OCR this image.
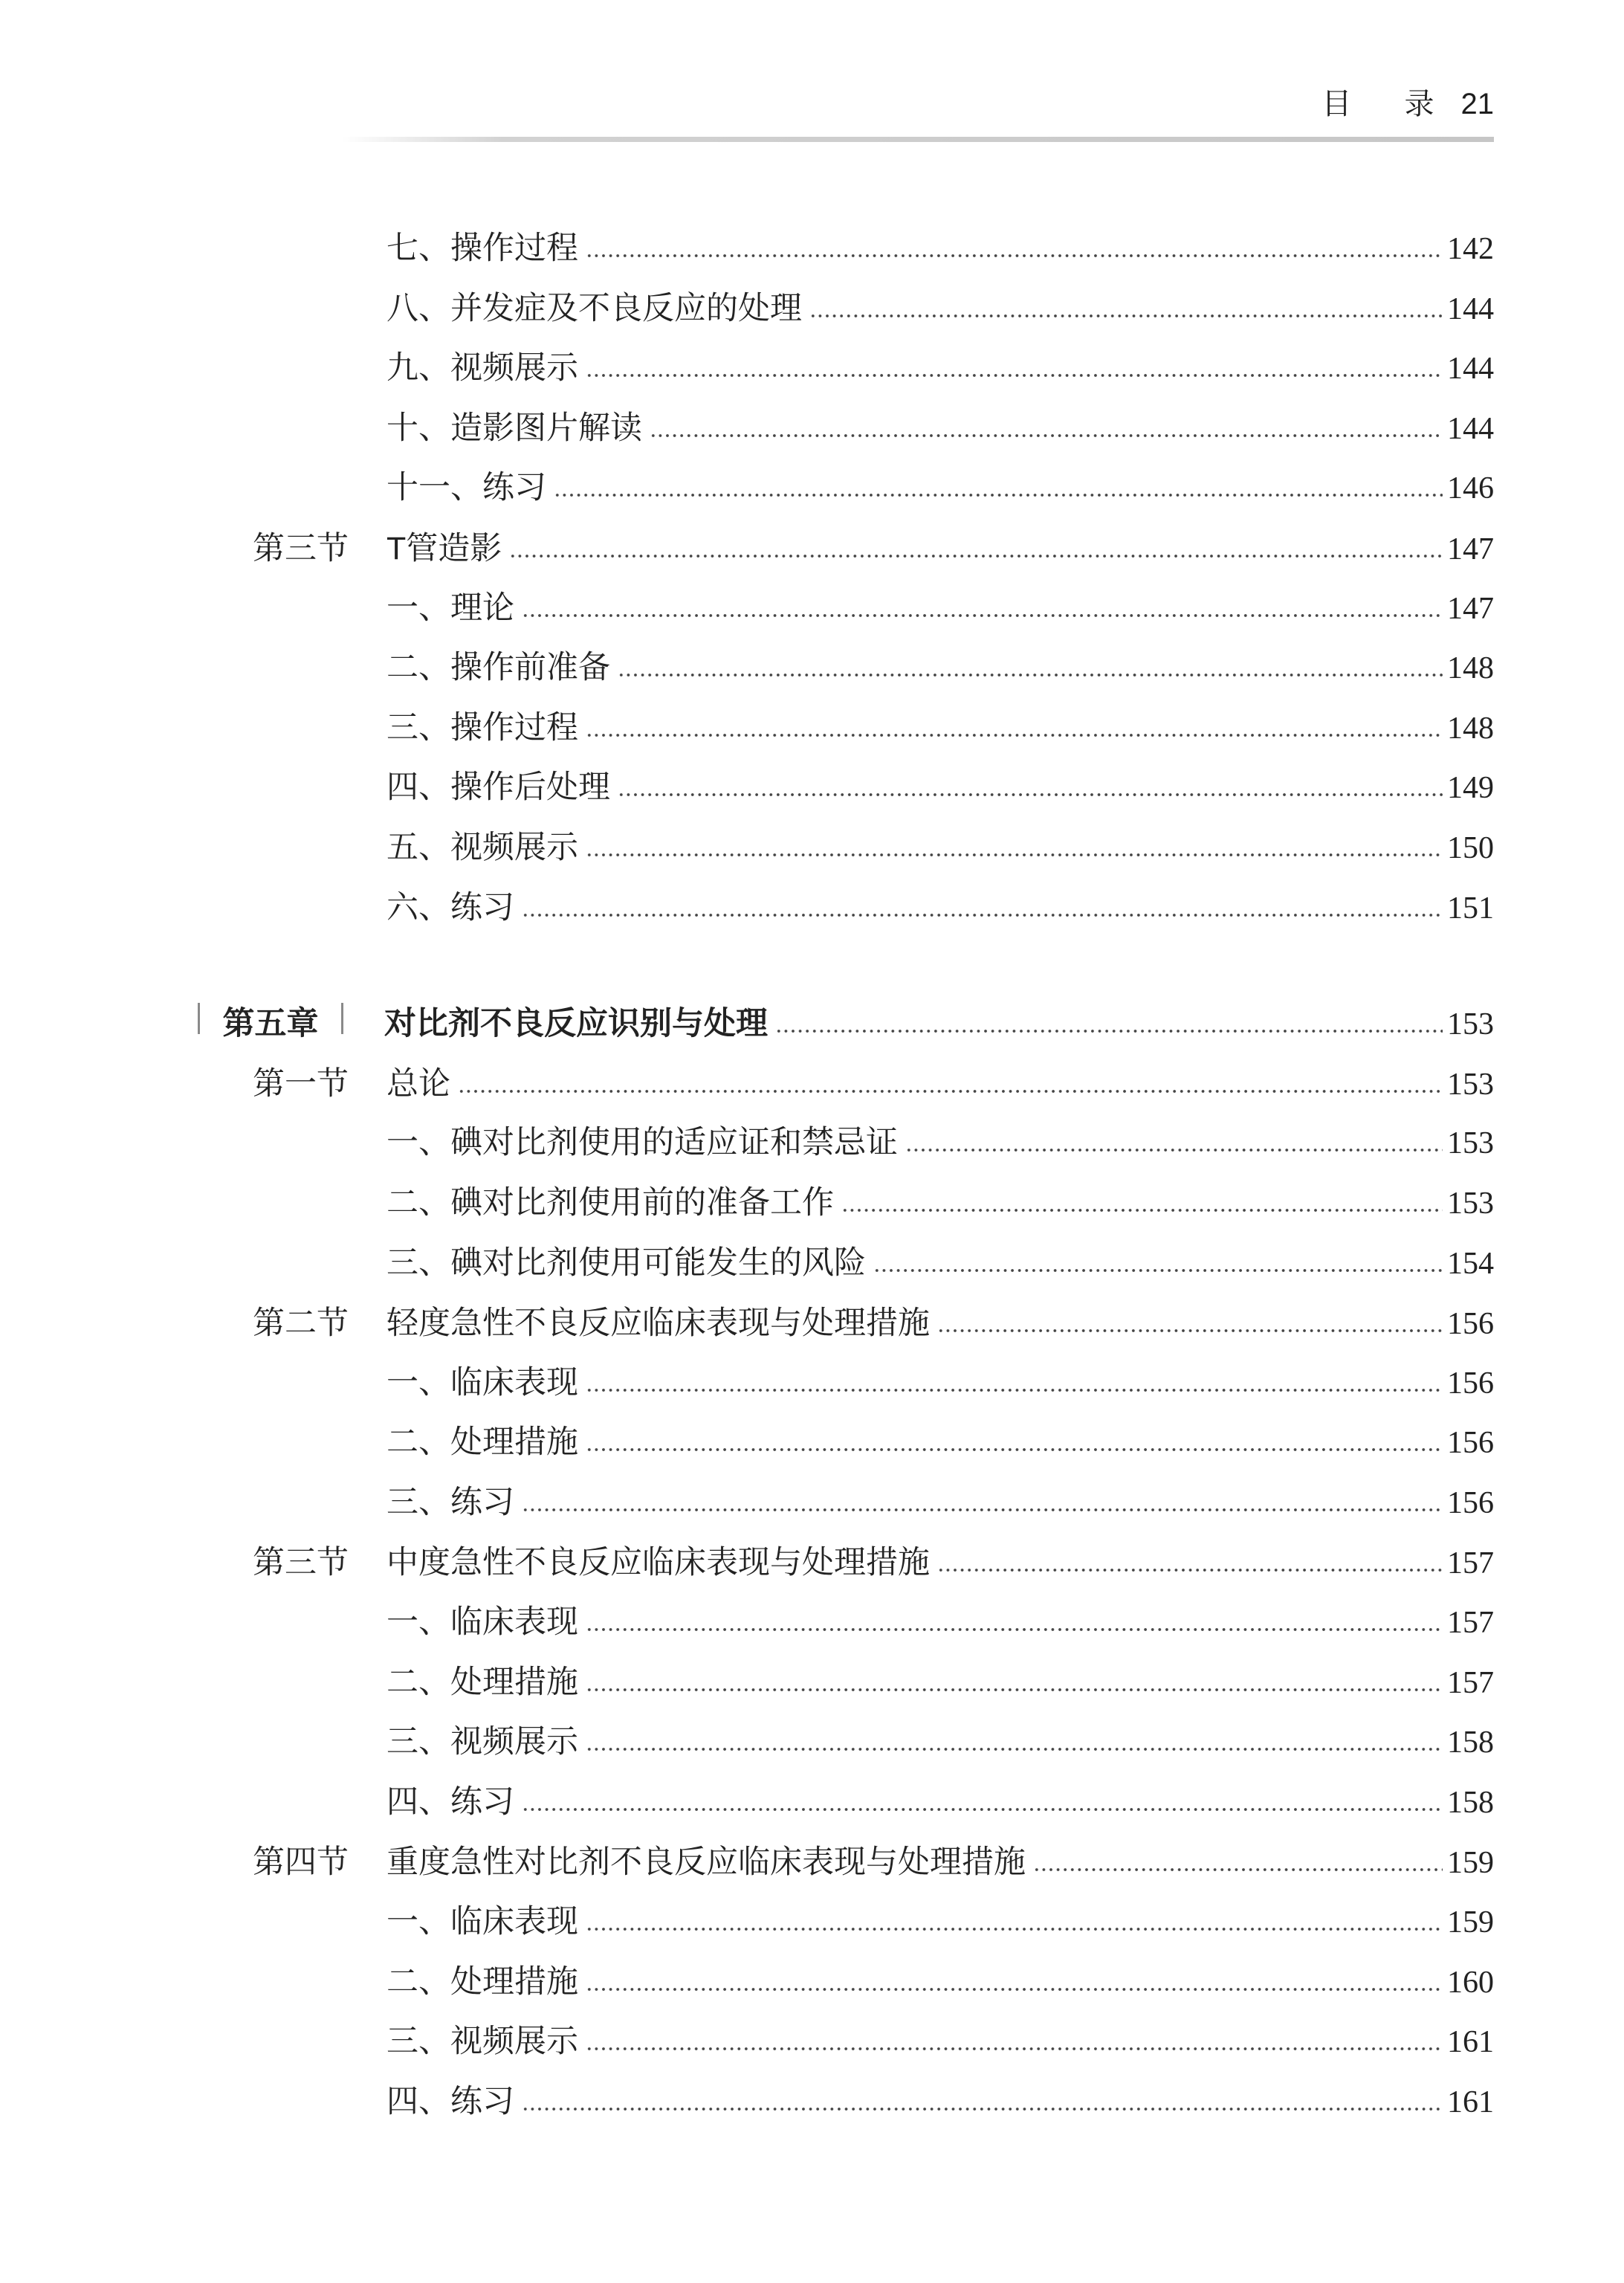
目 录 21
七、操作过程	142
八、并发症及不良反应的处理	144
九、视频展示	144
十、造影图片解读	144
十一、练习	146
第三节	T管造影	147
一、理论	147
二、操作前准备	148
三、操作过程	148
四、操作后处理	149
五、视频展示	150
六、练习	151
第五章	对比剂不良反应识别与处理	153
第一节	总论	153
一、碘对比剂使用的适应证和禁忌证	153
二、碘对比剂使用前的准备工作	153
三、碘对比剂使用可能发生的风险	154
第二节	轻度急性不良反应临床表现与处理措施	156
一、临床表现	156
二、处理措施	156
三、练习	156
第三节	中度急性不良反应临床表现与处理措施	157
一、临床表现	157
二、处理措施	157
三、视频展示	158
四、练习	158
第四节	重度急性对比剂不良反应临床表现与处理措施	159
一、临床表现	159
二、处理措施	160
三、视频展示	161
四、练习	161
